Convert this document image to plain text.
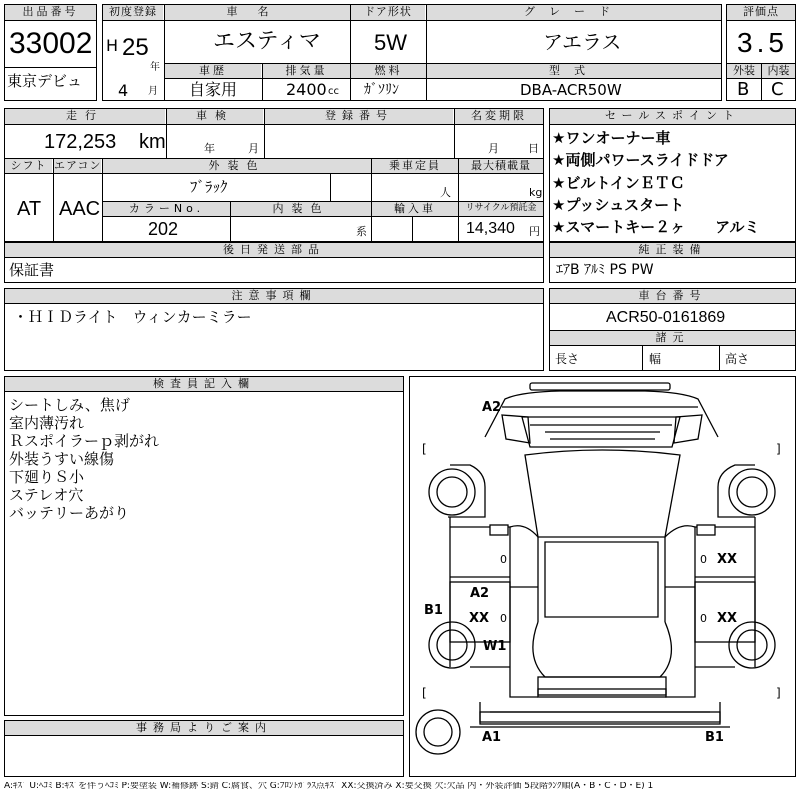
出品番号
33002
東京デビュ
初度登録
H 25
年
4 月
車名
エスティマ
ドア形状
5W
グレード
アエラス
車歴
自家用
排気量
2400 cc
燃料
ｶﾞｿﾘﾝ
型式
DBA-ACR50W
評価点
3.5
外装	内装
B C
走行
172,253 km
車検
年	月
登録番号	名変期限
月	日
シフト エアコン
AT AAC
外装色
ﾌﾞﾗｯｸ
乗車定員
人
最大積載量
kg
カラーNo.
202
内装色
系
輸入車	リサイクル預託金
14,340 円
セールスポイント
★ワンオーナー車
★両側パワースライドドア
★ビルトインＥＴＣ
★プッシュスタート
★スマートキー２ヶ　　アルミ
後日発送部品
保証書
純正装備
ｴｱB ｱﾙﾐ PS PW
注意事項欄
・ＨＩＤライト　ウィンカーミラー
車台番号
ACR50-0161869
諸元
長さ	幅	高さ
検査員記入欄
シートしみ、焦げ
室内薄汚れ
Ｒスポイラーｐ剥がれ
外装うすい線傷
下廻りＳ小
ステレオ穴
バッテリーあがり
事務局よりご案内
[	]
[	]
A2
A2
XX
B1
W1
XX
XX
A1	B1
0
0
0
0
A:ｷｽﾞ U:ﾍｺﾐ B:ｷｽﾞを伴うﾍｺﾐ P:要塗装 W:補修跡 S:錆 C:腐食、穴 G:ﾌﾛﾝﾄｶﾞﾗｽ点ｷｽﾞ XX:交換済み X:要交換 欠:欠品 内・外装評価 5段階ﾗﾝｸ順(A・B・C・D・E) 1
